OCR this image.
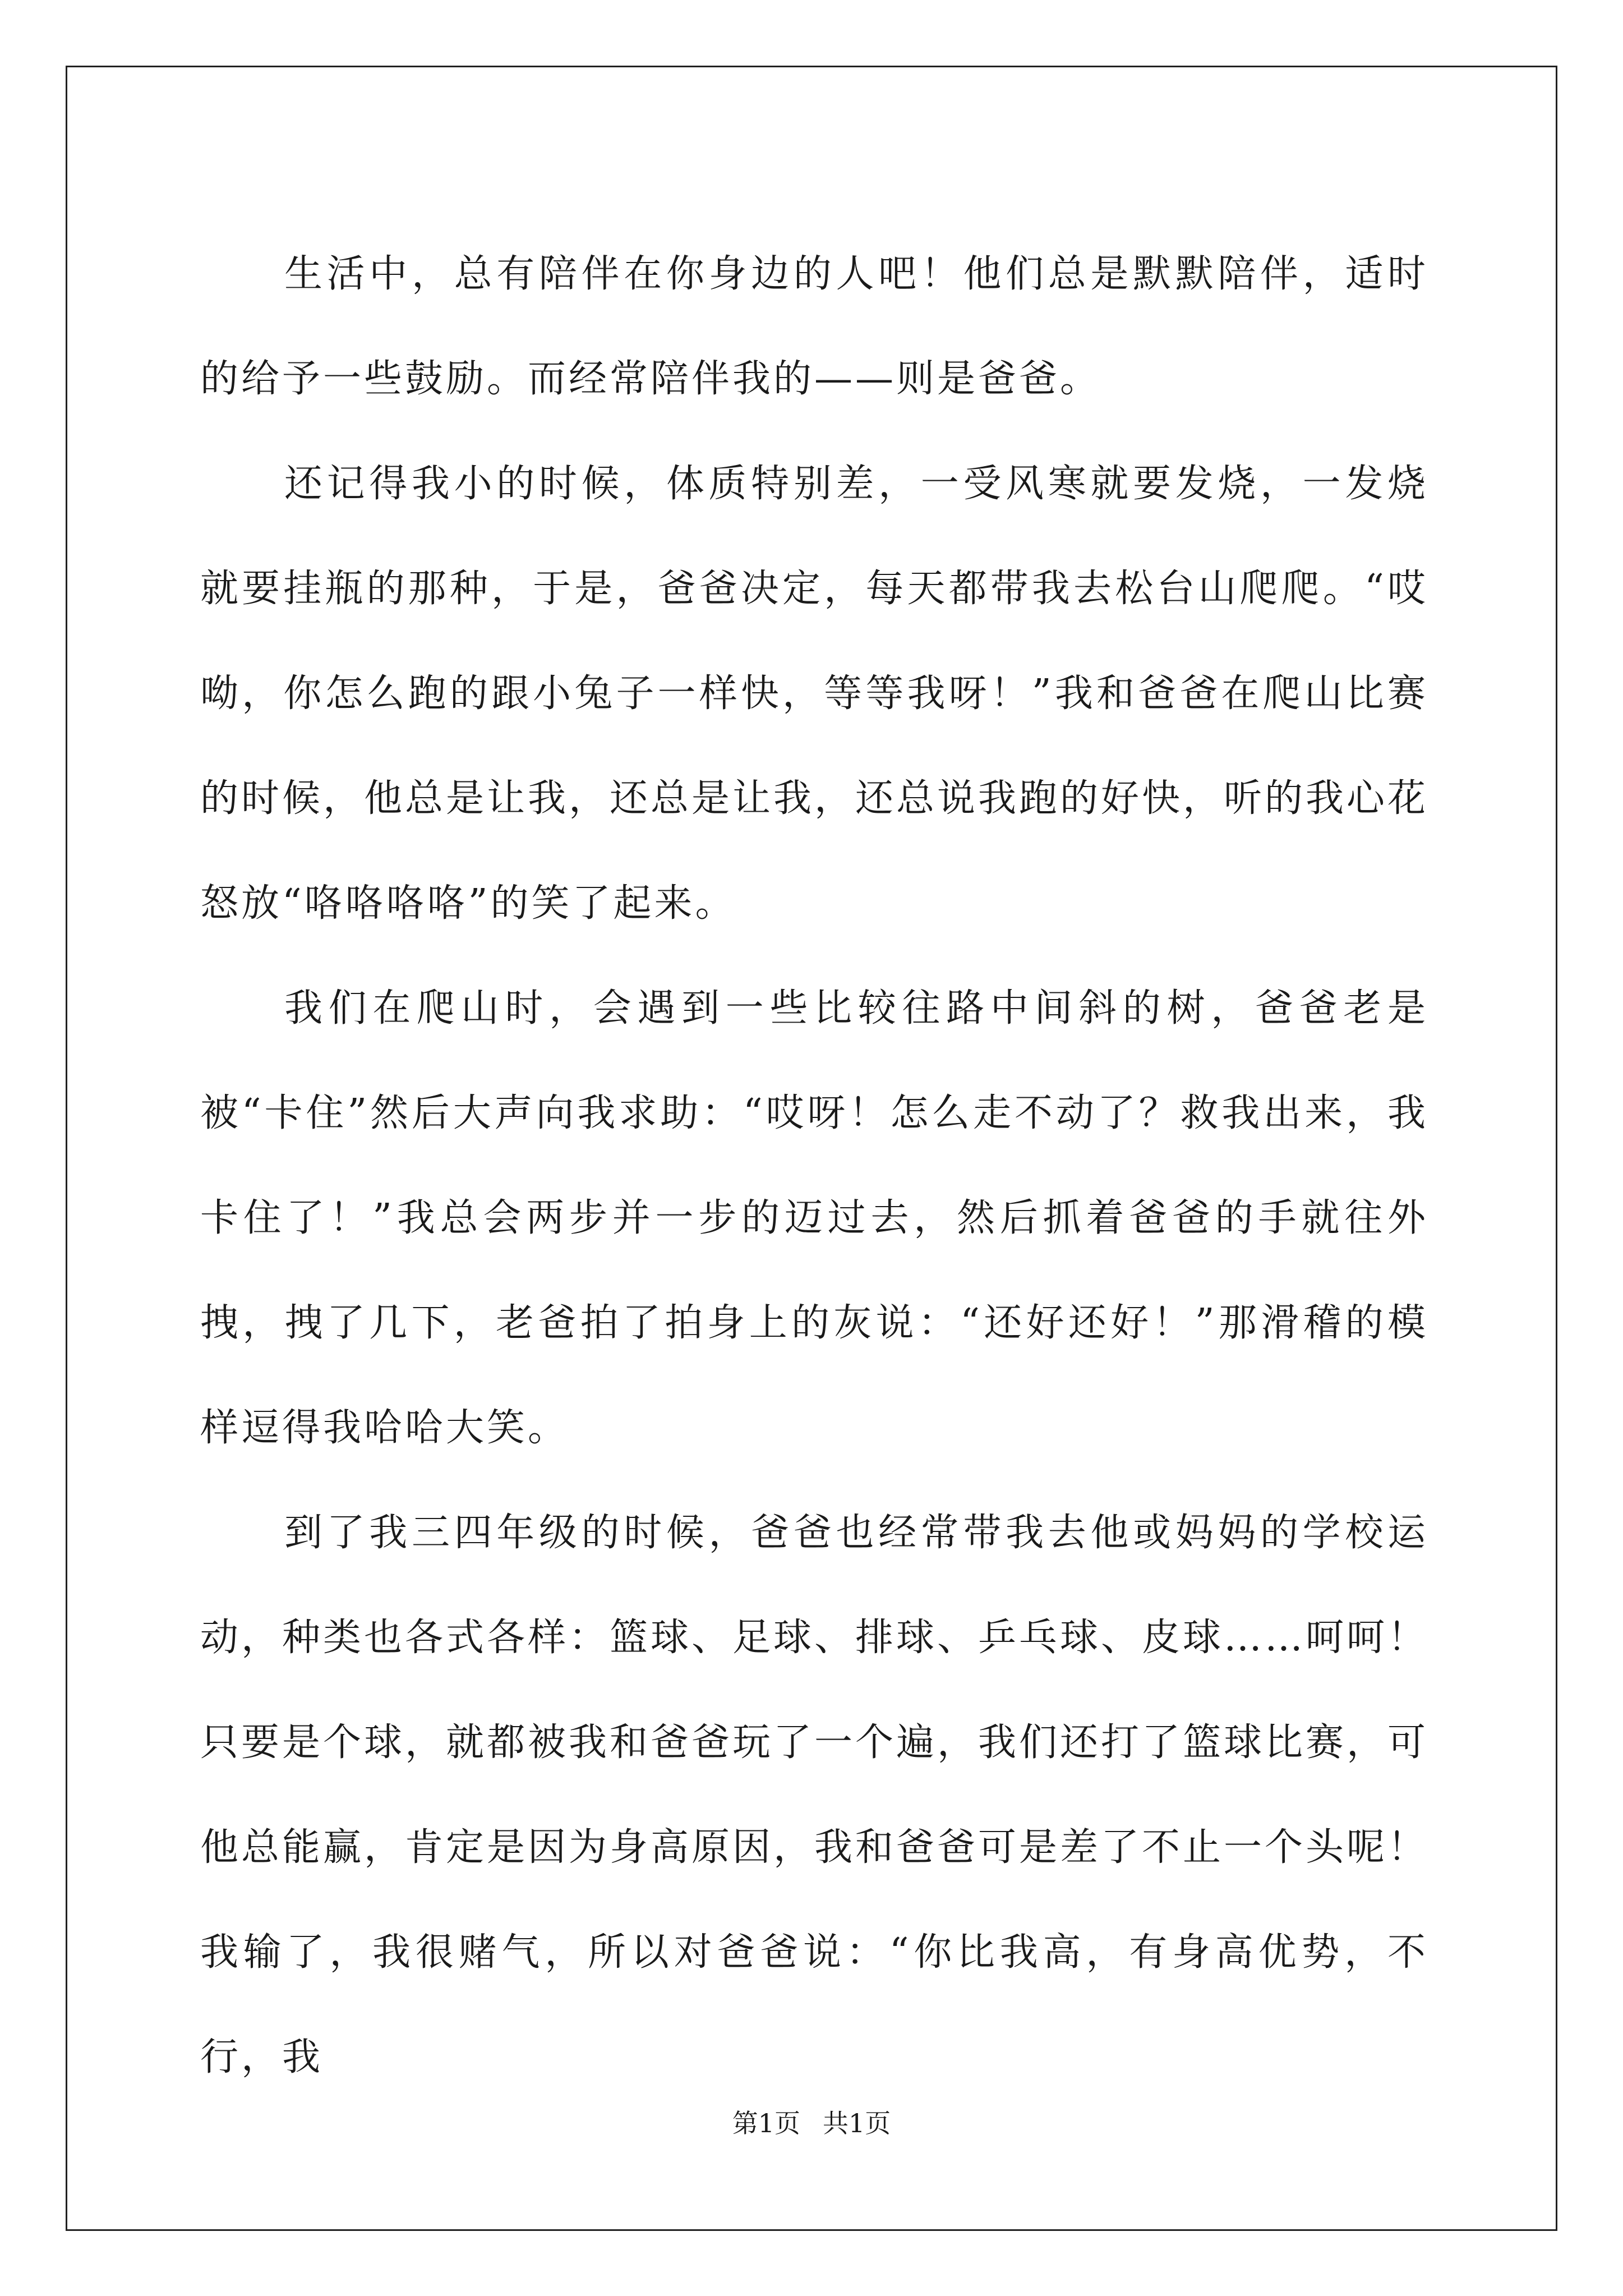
生活中，总有陪伴在你身边的人吧！他们总是默默陪伴，适时的给予一些鼓励。而经常陪伴我的——则是爸爸。

还记得我小的时候，体质特别差，一受风寒就要发烧，一发烧就要挂瓶的那种，于是，爸爸决定，每天都带我去松台山爬爬。“哎呦，你怎么跑的跟小兔子一样快，等等我呀！”我和爸爸在爬山比赛的时候，他总是让我，还总是让我，还总说我跑的好快，听的我心花怒放“咯咯咯咯”的笑了起来。

我们在爬山时，会遇到一些比较往路中间斜的树，爸爸老是被“卡住”然后大声向我求助：“哎呀！怎么走不动了？救我出来，我卡住了！”我总会两步并一步的迈过去，然后抓着爸爸的手就往外拽，拽了几下，老爸拍了拍身上的灰说：“还好还好！”那滑稽的模样逗得我哈哈大笑。

到了我三四年级的时候，爸爸也经常带我去他或妈妈的学校运动，种类也各式各样：篮球、足球、排球、乒乓球、皮球……呵呵！只要是个球，就都被我和爸爸玩了一个遍，我们还打了篮球比赛，可他总能赢，肯定是因为身高原因，我和爸爸可是差了不止一个头呢！我输了，我很赌气，所以对爸爸说：“你比我高，有身高优势，不行，我

第1页 共1页
